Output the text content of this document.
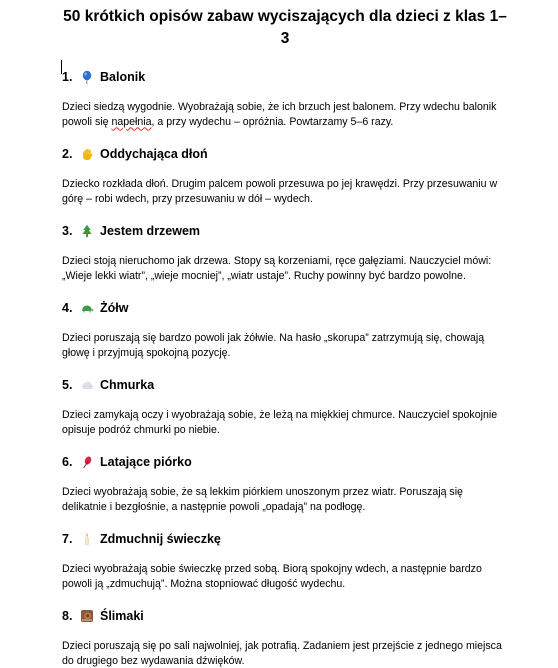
50 krótkich opisów zabaw wyciszających dla dzieci z klas 1–3
1. Balonik

Dzieci siedzą wygodnie. Wyobrażają sobie, że ich brzuch jest balonem. Przy wdechu balonik powoli się napełnia, a przy wydechu – opróżnia. Powtarzamy 5–6 razy.

2. Oddychająca dłoń

Dziecko rozkłada dłoń. Drugim palcem powoli przesuwa po jej krawędzi. Przy przesuwaniu w górę – robi wdech, przy przesuwaniu w dół – wydech.

3. Jestem drzewem

Dzieci stoją nieruchomo jak drzewa. Stopy są korzeniami, ręce gałęziami. Nauczyciel mówi: „Wieje lekki wiatr”, „wieje mocniej”, „wiatr ustaje”. Ruchy powinny być bardzo powolne.

4. Żółw

Dzieci poruszają się bardzo powoli jak żółwie. Na hasło „skorupa” zatrzymują się, chowają głowę i przyjmują spokojną pozycję.

5. Chmurka

Dzieci zamykają oczy i wyobrażają sobie, że leżą na miękkiej chmurce. Nauczyciel spokojnie opisuje podróż chmurki po niebie.

6. Latające piórko

Dzieci wyobrażają sobie, że są lekkim piórkiem unoszonym przez wiatr. Poruszają się delikatnie i bezgłośnie, a następnie powoli „opadają” na podłogę.

7. Zdmuchnij świeczkę

Dzieci wyobrażają sobie świeczkę przed sobą. Biorą spokojny wdech, a następnie bardzo powoli ją „zdmuchują”. Można stopniować długość wydechu.

8. Ślimaki

Dzieci poruszają się po sali najwolniej, jak potrafią. Zadaniem jest przejście z jednego miejsca do drugiego bez wydawania dźwięków.
